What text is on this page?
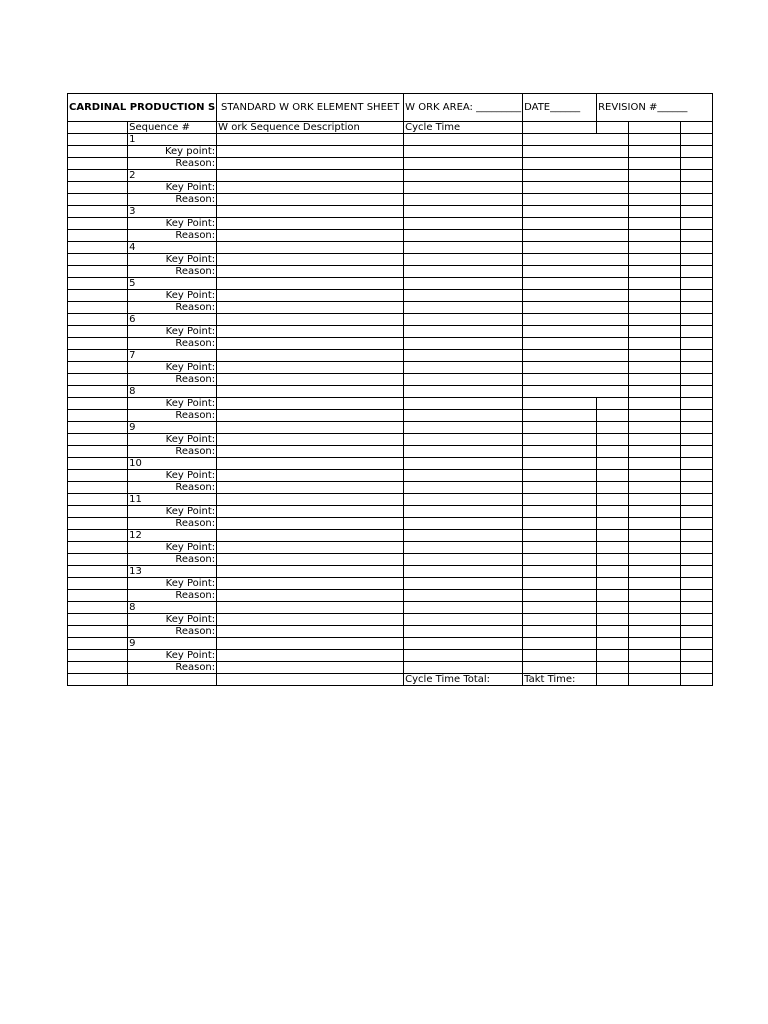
CARDINAL PRODUCTION S		STANDARD W ORK ELEMENT SHEET	W ORK AREA: _________	DATE______	REVISION #______		
	Sequence #	W ork Sequence Description	Cycle Time				
	1						
	Key point:						
	Reason:						
	2						
	Key Point:						
	Reason:						
	3						
	Key Point:						
	Reason:						
	4						
	Key Point:						
	Reason:						
	5						
	Key Point:						
	Reason:						
	6						
	Key Point:						
	Reason:						
	7						
	Key Point:						
	Reason:						
	8						
	Key Point:						
	Reason:						
	9						
	Key Point:						
	Reason:						
	10						
	Key Point:						
	Reason:						
	11						
	Key Point:						
	Reason:						
	12						
	Key Point:						
	Reason:						
	13						
	Key Point:						
	Reason:						
	8						
	Key Point:						
	Reason:						
	9						
	Key Point:						
	Reason:						
			Cycle Time Total:	Takt Time:			
